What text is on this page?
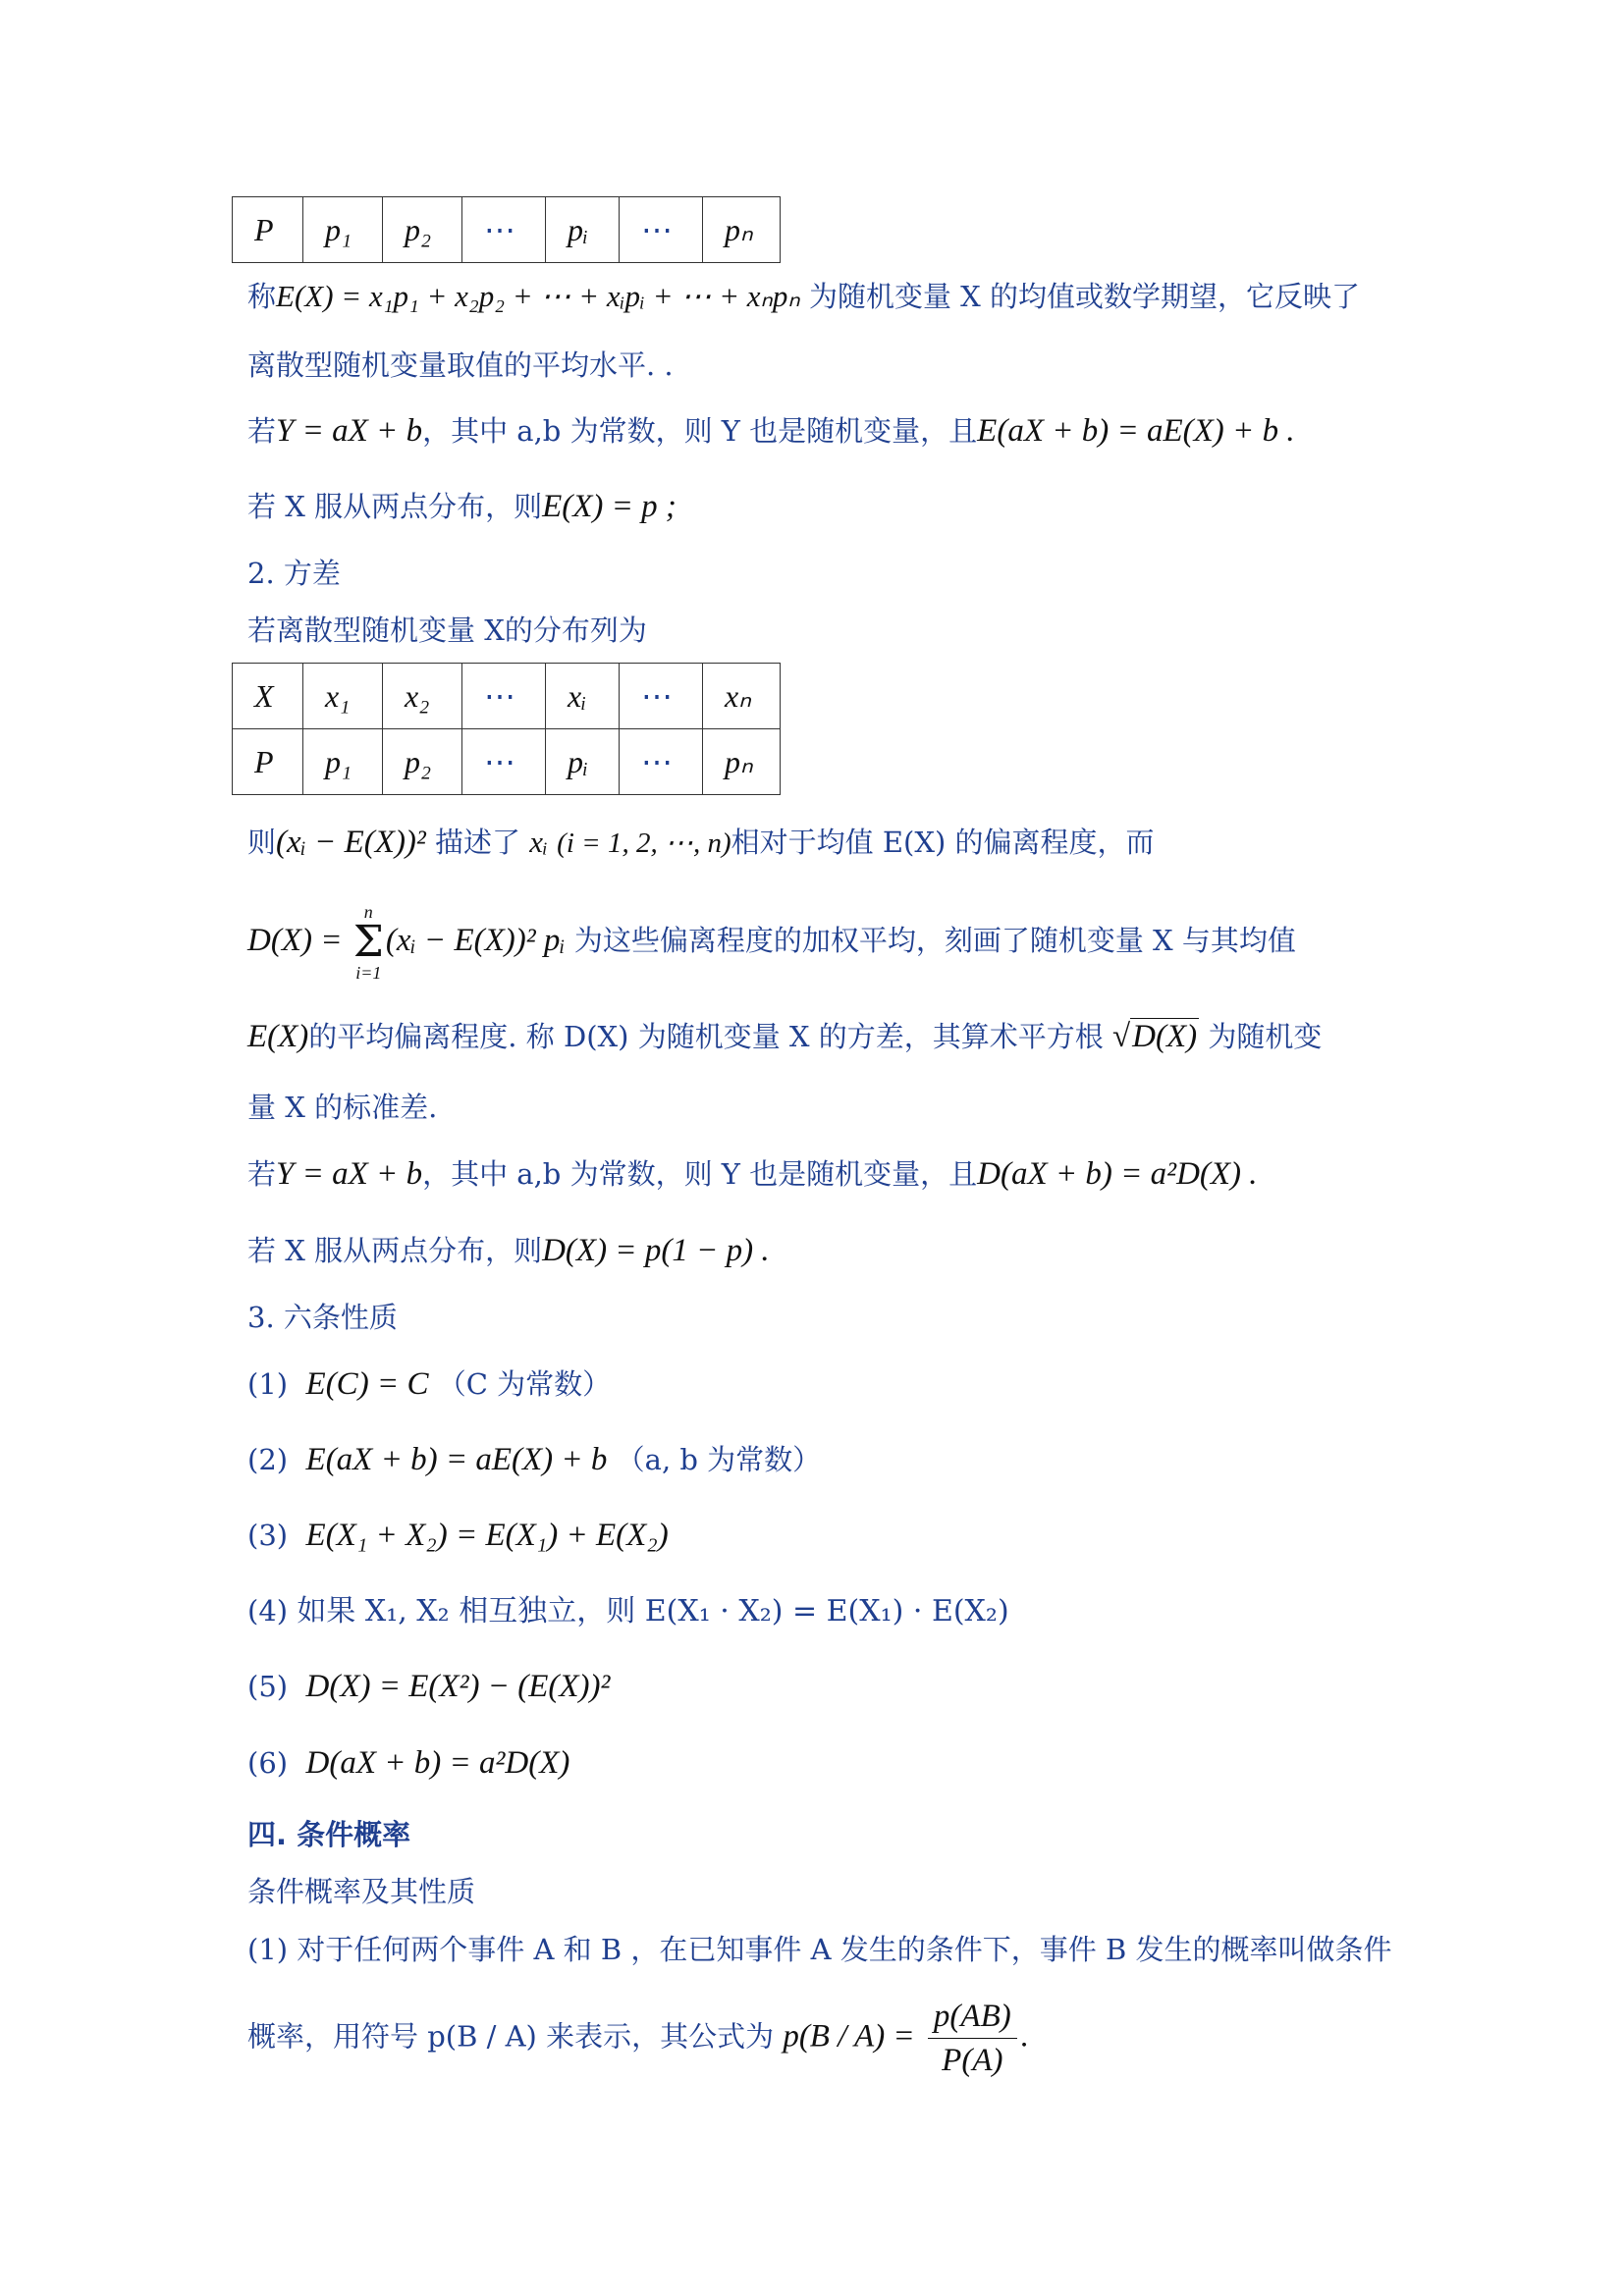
P	p₁	p₂	⋯	pᵢ	⋯	pₙ
称E(X) = x₁p₁ + x₂p₂ + ⋯ + xᵢpᵢ + ⋯ + xₙpₙ 为随机变量 X 的均值或数学期望，它反映了
离散型随机变量取值的平均水平. .
若Y = aX + b，其中 a,b 为常数，则 Y 也是随机变量，且E(aX + b) = aE(X) + b .
若 X 服从两点分布，则E(X) = p ;
2. 方差
若离散型随机变量 X的分布列为
X	x₁	x₂	⋯	xᵢ	⋯	xₙ
P	p₁	p₂	⋯	pᵢ	⋯	pₙ
则(xᵢ − E(X))² 描述了 xᵢ (i = 1, 2, ⋯, n)相对于均值 E(X) 的偏离程度，而
D(X) =
n
Σ
i=1
(xᵢ − E(X))² pᵢ 为这些偏离程度的加权平均，刻画了随机变量 X 与其均值
E(X)的平均偏离程度. 称 D(X) 为随机变量 X 的方差，其算术平方根 √D(X) 为随机变
量 X 的标准差.
若Y = aX + b，其中 a,b 为常数，则 Y 也是随机变量，且D(aX + b) = a²D(X) .
若 X 服从两点分布，则D(X) = p(1 − p) .
3. 六条性质
(1) E(C) = C （C 为常数）
(2) E(aX + b) = aE(X) + b （a, b 为常数）
(3) E(X₁ + X₂) = E(X₁) + E(X₂)
(4) 如果 X₁, X₂ 相互独立，则 E(X₁ · X₂) = E(X₁) · E(X₂)
(5) D(X) = E(X²) − (E(X))²
(6) D(aX + b) = a²D(X)
四. 条件概率
条件概率及其性质
(1) 对于任何两个事件 A 和 B ，在已知事件 A 发生的条件下，事件 B 发生的概率叫做条件
概率，用符号 p(B / A) 来表示，其公式为 $p(B / A) = \frac{p(AB)}{P(A)}$ .
